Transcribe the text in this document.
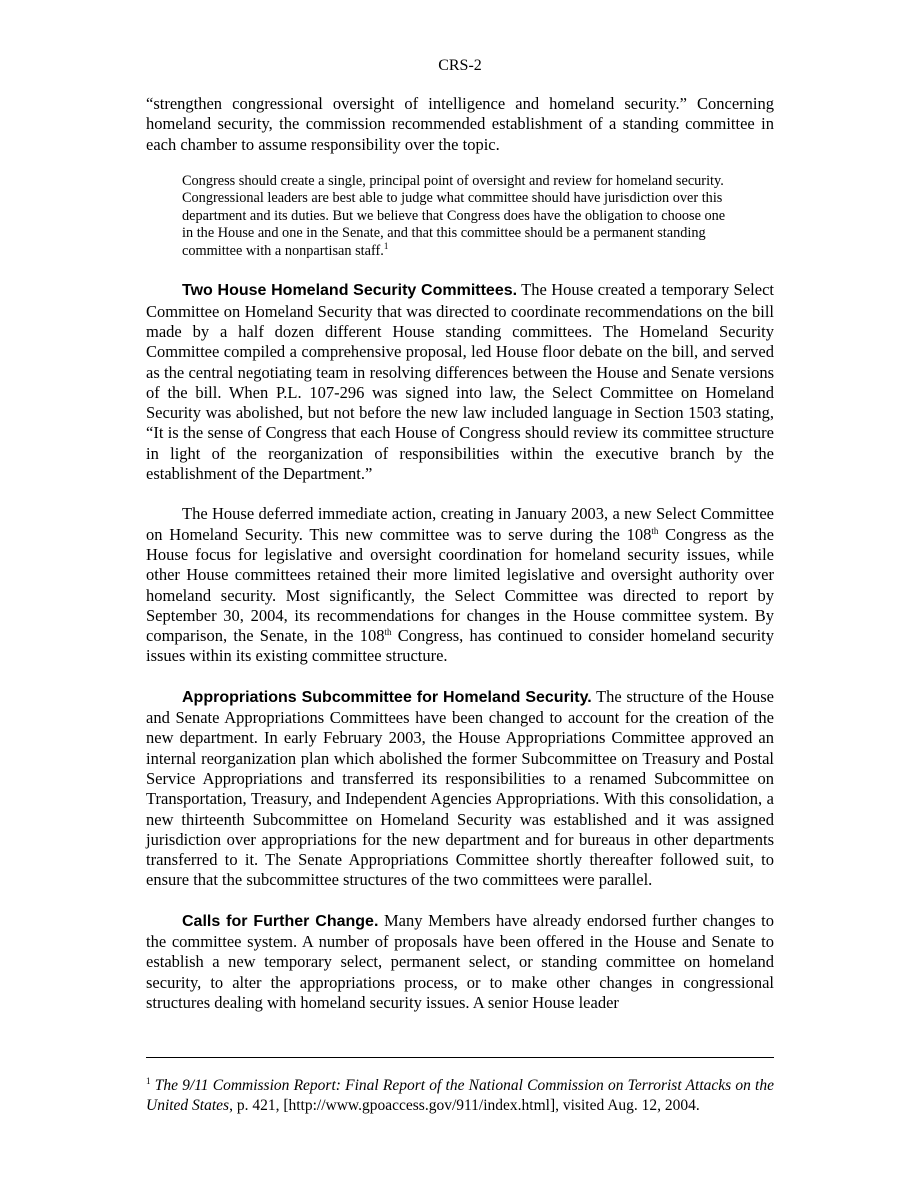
CRS-2

“strengthen congressional oversight of intelligence and homeland security.” Concerning homeland security, the commission recommended establishment of a standing committee in each chamber to assume responsibility over the topic.

Congress should create a single, principal point of oversight and review for homeland security. Congressional leaders are best able to judge what committee should have jurisdiction over this department and its duties. But we believe that Congress does have the obligation to choose one in the House and one in the Senate, and that this committee should be a permanent standing committee with a nonpartisan staff.$^1$

Two House Homeland Security Committees. The House created a temporary Select Committee on Homeland Security that was directed to coordinate recommendations on the bill made by a half dozen different House standing committees. The Homeland Security Committee compiled a comprehensive proposal, led House floor debate on the bill, and served as the central negotiating team in resolving differences between the House and Senate versions of the bill. When P.L. 107-296 was signed into law, the Select Committee on Homeland Security was abolished, but not before the new law included language in Section 1503 stating, “It is the sense of Congress that each House of Congress should review its committee structure in light of the reorganization of responsibilities within the executive branch by the establishment of the Department.”

The House deferred immediate action, creating in January 2003, a new Select Committee on Homeland Security. This new committee was to serve during the 108th Congress as the House focus for legislative and oversight coordination for homeland security issues, while other House committees retained their more limited legislative and oversight authority over homeland security. Most significantly, the Select Committee was directed to report by September 30, 2004, its recommendations for changes in the House committee system. By comparison, the Senate, in the 108th Congress, has continued to consider homeland security issues within its existing committee structure.

Appropriations Subcommittee for Homeland Security. The structure of the House and Senate Appropriations Committees have been changed to account for the creation of the new department. In early February 2003, the House Appropriations Committee approved an internal reorganization plan which abolished the former Subcommittee on Treasury and Postal Service Appropriations and transferred its responsibilities to a renamed Subcommittee on Transportation, Treasury, and Independent Agencies Appropriations. With this consolidation, a new thirteenth Subcommittee on Homeland Security was established and it was assigned jurisdiction over appropriations for the new department and for bureaus in other departments transferred to it. The Senate Appropriations Committee shortly thereafter followed suit, to ensure that the subcommittee structures of the two committees were parallel.

Calls for Further Change. Many Members have already endorsed further changes to the committee system. A number of proposals have been offered in the House and Senate to establish a new temporary select, permanent select, or standing committee on homeland security, to alter the appropriations process, or to make other changes in congressional structures dealing with homeland security issues. A senior House leader

$^1$ The 9/11 Commission Report: Final Report of the National Commission on Terrorist Attacks on the United States, p. 421, [http://www.gpoaccess.gov/911/index.html], visited Aug. 12, 2004.
